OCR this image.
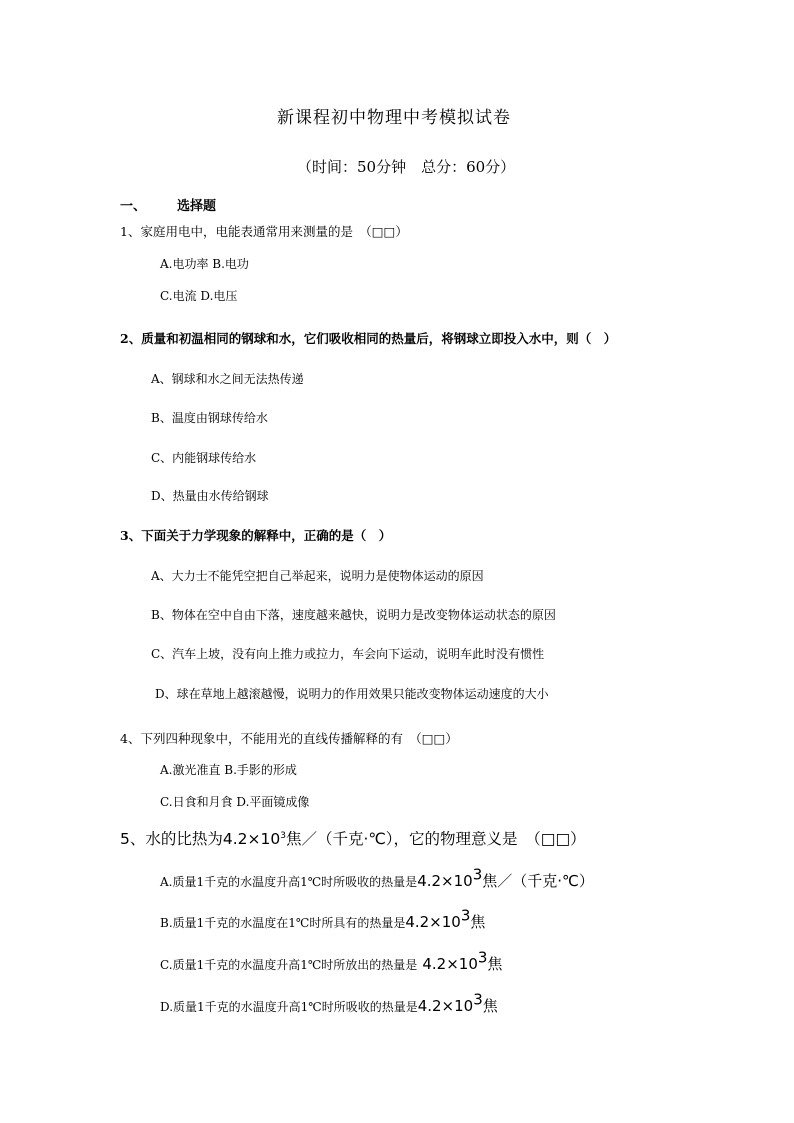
新课程初中物理中考模拟试卷
（时间：50分钟　总分：60分）
一、 选择题
1、家庭用电中，电能表通常用来测量的是　（□□）
A.电功率 B.电功
C.电流 D.电压
2、质量和初温相同的钢球和水，它们吸收相同的热量后，将钢球立即投入水中，则（　）
A、钢球和水之间无法热传递
B、温度由钢球传给水
C、内能钢球传给水
D、热量由水传给钢球
3、下面关于力学现象的解释中，正确的是（　）
A、大力士不能凭空把自己举起来，说明力是使物体运动的原因
B、物体在空中自由下落，速度越来越快，说明力是改变物体运动状态的原因
C、汽车上坡，没有向上推力或拉力，车会向下运动，说明车此时没有惯性
D、球在草地上越滚越慢，说明力的作用效果只能改变物体运动速度的大小
4、下列四种现象中，不能用光的直线传播解释的有　（□□）
A.激光准直 B.手影的形成
C.日食和月食 D.平面镜成像
5、水的比热为$4.2\times 10^3$焦／（千克·℃），它的物理意义是　（□□）
A.质量1千克的水温度升高1℃时所吸收的热量是$4.2\times 10^3$焦／（千克·℃）
B.质量1千克的水温度在1℃时所具有的热量是$4.2\times 10^3$焦
C.质量1千克的水温度升高1℃时所放出的热量是 $4.2\times 10^3$焦
D.质量1千克的水温度升高1℃时所吸收的热量是$4.2\times 10^3$焦
